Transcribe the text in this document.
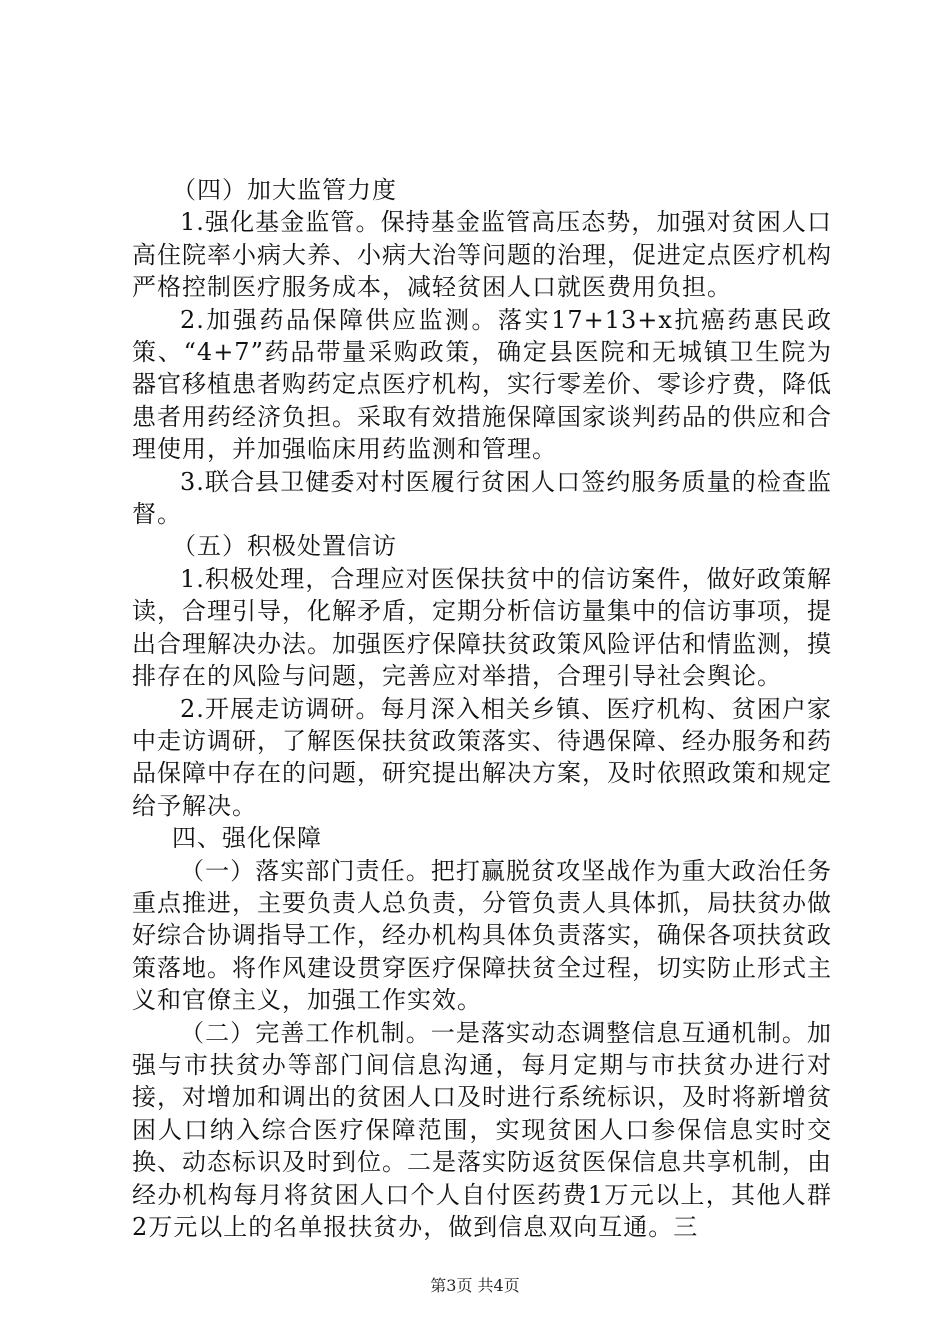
（四）加大监管力度

1.强化基金监管。保持基金监管高压态势，加强对贫困人口高住院率小病大养、小病大治等问题的治理，促进定点医疗机构严格控制医疗服务成本，减轻贫困人口就医费用负担。

2.加强药品保障供应监测。落实17+13+x抗癌药惠民政策、“4+7”药品带量采购政策，确定县医院和无城镇卫生院为器官移植患者购药定点医疗机构，实行零差价、零诊疗费，降低患者用药经济负担。采取有效措施保障国家谈判药品的供应和合理使用，并加强临床用药监测和管理。

3.联合县卫健委对村医履行贫困人口签约服务质量的检查监督。

（五）积极处置信访

1.积极处理，合理应对医保扶贫中的信访案件，做好政策解读，合理引导，化解矛盾，定期分析信访量集中的信访事项，提出合理解决办法。加强医疗保障扶贫政策风险评估和情监测，摸排存在的风险与问题，完善应对举措，合理引导社会舆论。

2.开展走访调研。每月深入相关乡镇、医疗机构、贫困户家中走访调研，了解医保扶贫政策落实、待遇保障、经办服务和药品保障中存在的问题，研究提出解决方案，及时依照政策和规定给予解决。

四、强化保障

（一）落实部门责任。把打赢脱贫攻坚战作为重大政治任务重点推进，主要负责人总负责，分管负责人具体抓，局扶贫办做好综合协调指导工作，经办机构具体负责落实，确保各项扶贫政策落地。将作风建设贯穿医疗保障扶贫全过程，切实防止形式主义和官僚主义，加强工作实效。

（二）完善工作机制。一是落实动态调整信息互通机制。加强与市扶贫办等部门间信息沟通，每月定期与市扶贫办进行对接，对增加和调出的贫困人口及时进行系统标识，及时将新增贫困人口纳入综合医疗保障范围，实现贫困人口参保信息实时交换、动态标识及时到位。二是落实防返贫医保信息共享机制，由经办机构每月将贫困人口个人自付医药费1万元以上，其他人群2万元以上的名单报扶贫办，做到信息双向互通。三

第3页 共4页
